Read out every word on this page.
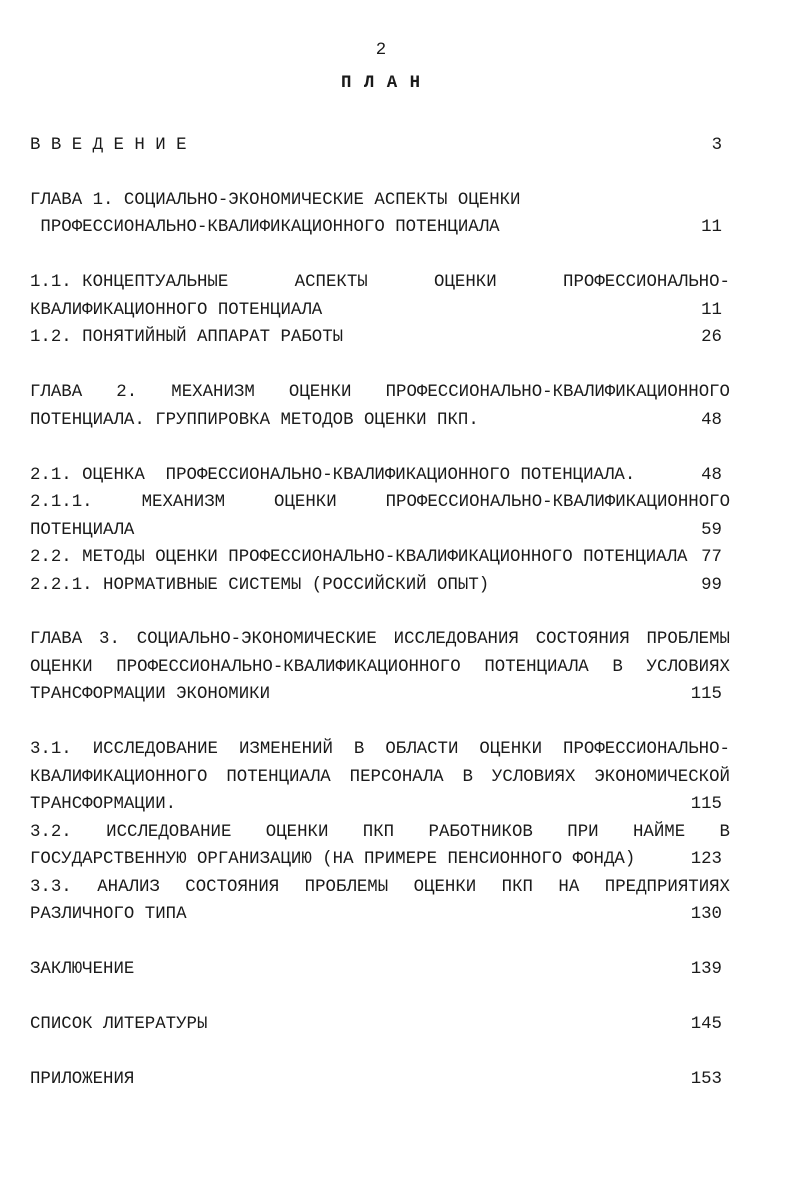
2
П Л А Н
В В Е Д Е Н И Е	3
ГЛАВА 1. СОЦИАЛЬНО-ЭКОНОМИЧЕСКИЕ АСПЕКТЫ ОЦЕНКИ
ПРОФЕССИОНАЛЬНО-КВАЛИФИКАЦИОННОГО ПОТЕНЦИАЛА	11
1.1. КОНЦЕПТУАЛЬНЫЕ АСПЕКТЫ ОЦЕНКИ ПРОФЕССИОНАЛЬНО-
КВАЛИФИКАЦИОННОГО ПОТЕНЦИАЛА	11
1.2. ПОНЯТИЙНЫЙ АППАРАТ РАБОТЫ	26
ГЛАВА 2. МЕХАНИЗМ ОЦЕНКИ ПРОФЕССИОНАЛЬНО-КВАЛИФИКАЦИОННОГО
ПОТЕНЦИАЛА. ГРУППИРОВКА МЕТОДОВ ОЦЕНКИ ПКП.	48
2.1. ОЦЕНКА  ПРОФЕССИОНАЛЬНО-КВАЛИФИКАЦИОННОГО ПОТЕНЦИАЛА.	48
2.1.1. МЕХАНИЗМ ОЦЕНКИ ПРОФЕССИОНАЛЬНО-КВАЛИФИКАЦИОННОГО
ПОТЕНЦИАЛА	59
2.2. МЕТОДЫ ОЦЕНКИ ПРОФЕССИОНАЛЬНО-КВАЛИФИКАЦИОННОГО ПОТЕНЦИАЛА 77
2.2.1. НОРМАТИВНЫЕ СИСТЕМЫ (РОССИЙСКИЙ ОПЫТ)	99
ГЛАВА 3. СОЦИАЛЬНО-ЭКОНОМИЧЕСКИЕ ИССЛЕДОВАНИЯ СОСТОЯНИЯ ПРОБЛЕМЫ
ОЦЕНКИ ПРОФЕССИОНАЛЬНО-КВАЛИФИКАЦИОННОГО ПОТЕНЦИАЛА В УСЛОВИЯХ
ТРАНСФОРМАЦИИ ЭКОНОМИКИ	115
3.1. ИССЛЕДОВАНИЕ ИЗМЕНЕНИЙ В ОБЛАСТИ ОЦЕНКИ ПРОФЕССИОНАЛЬНО-
КВАЛИФИКАЦИОННОГО ПОТЕНЦИАЛА ПЕРСОНАЛА В УСЛОВИЯХ ЭКОНОМИЧЕСКОЙ
ТРАНСФОРМАЦИИ.	115
3.2. ИССЛЕДОВАНИЕ ОЦЕНКИ ПКП РАБОТНИКОВ ПРИ НАЙМЕ В
ГОСУДАРСТВЕННУЮ ОРГАНИЗАЦИЮ (НА ПРИМЕРЕ ПЕНСИОННОГО ФОНДА)	123
3.3. АНАЛИЗ СОСТОЯНИЯ ПРОБЛЕМЫ ОЦЕНКИ ПКП НА ПРЕДПРИЯТИЯХ
РАЗЛИЧНОГО ТИПА	130
ЗАКЛЮЧЕНИЕ	139
СПИСОК ЛИТЕРАТУРЫ	145
ПРИЛОЖЕНИЯ	153
